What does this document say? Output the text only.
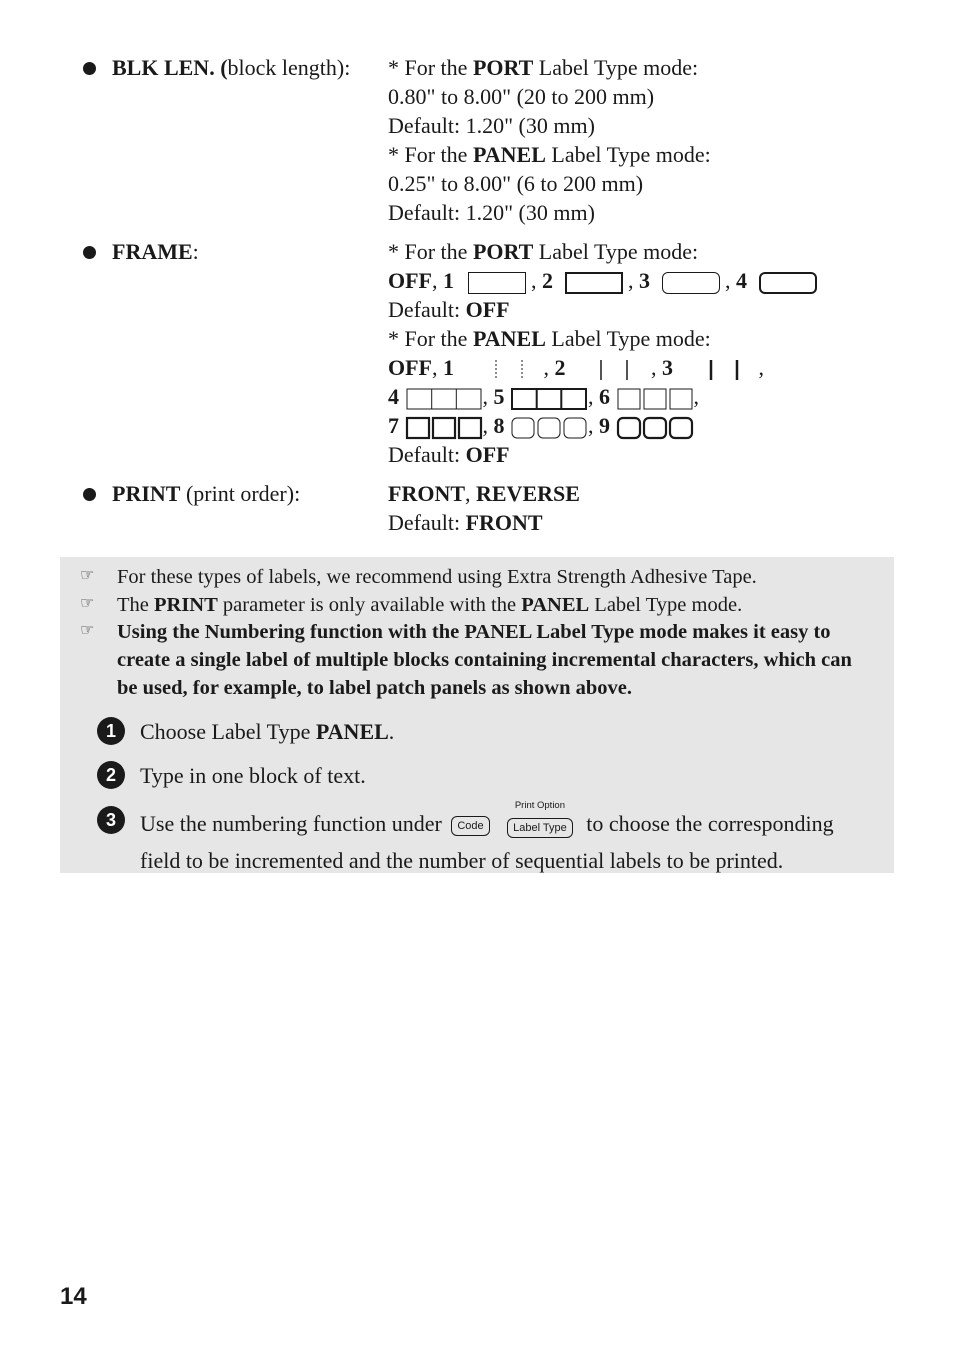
BLK LEN. (block length): * For the PORT Label Type mode:
0.80" to 8.00" (20 to 200 mm)
Default: 1.20" (30 mm)
* For the PANEL Label Type mode:
0.25" to 8.00" (6 to 200 mm)
Default: 1.20" (30 mm)
FRAME:	* For the PORT Label Type mode:
OFF, 1	, 2	, 3	, 4
Default: OFF
* For the PANEL Label Type mode:
OFF, 1	, 2	, 3	,
4	, 5	, 6	,
7	, 8	, 9
Default: OFF
PRINT (print order):	FRONT, REVERSE
Default: FRONT
☞ For these types of labels, we recommend using Extra Strength Adhesive Tape.
☞ The PRINT parameter is only available with the PANEL Label Type mode.
☞ Using the Numbering function with the PANEL Label Type mode makes it easy to create a single label of multiple blocks containing incremental characters, which can be used, for example, to label patch panels as shown above.
1	Choose Label Type PANEL.
2	Type in one block of text.
3	Use the numbering function under Code
Print Option
Label Type to choose the corresponding field to be incremented and the number of sequential labels to be printed.
14
